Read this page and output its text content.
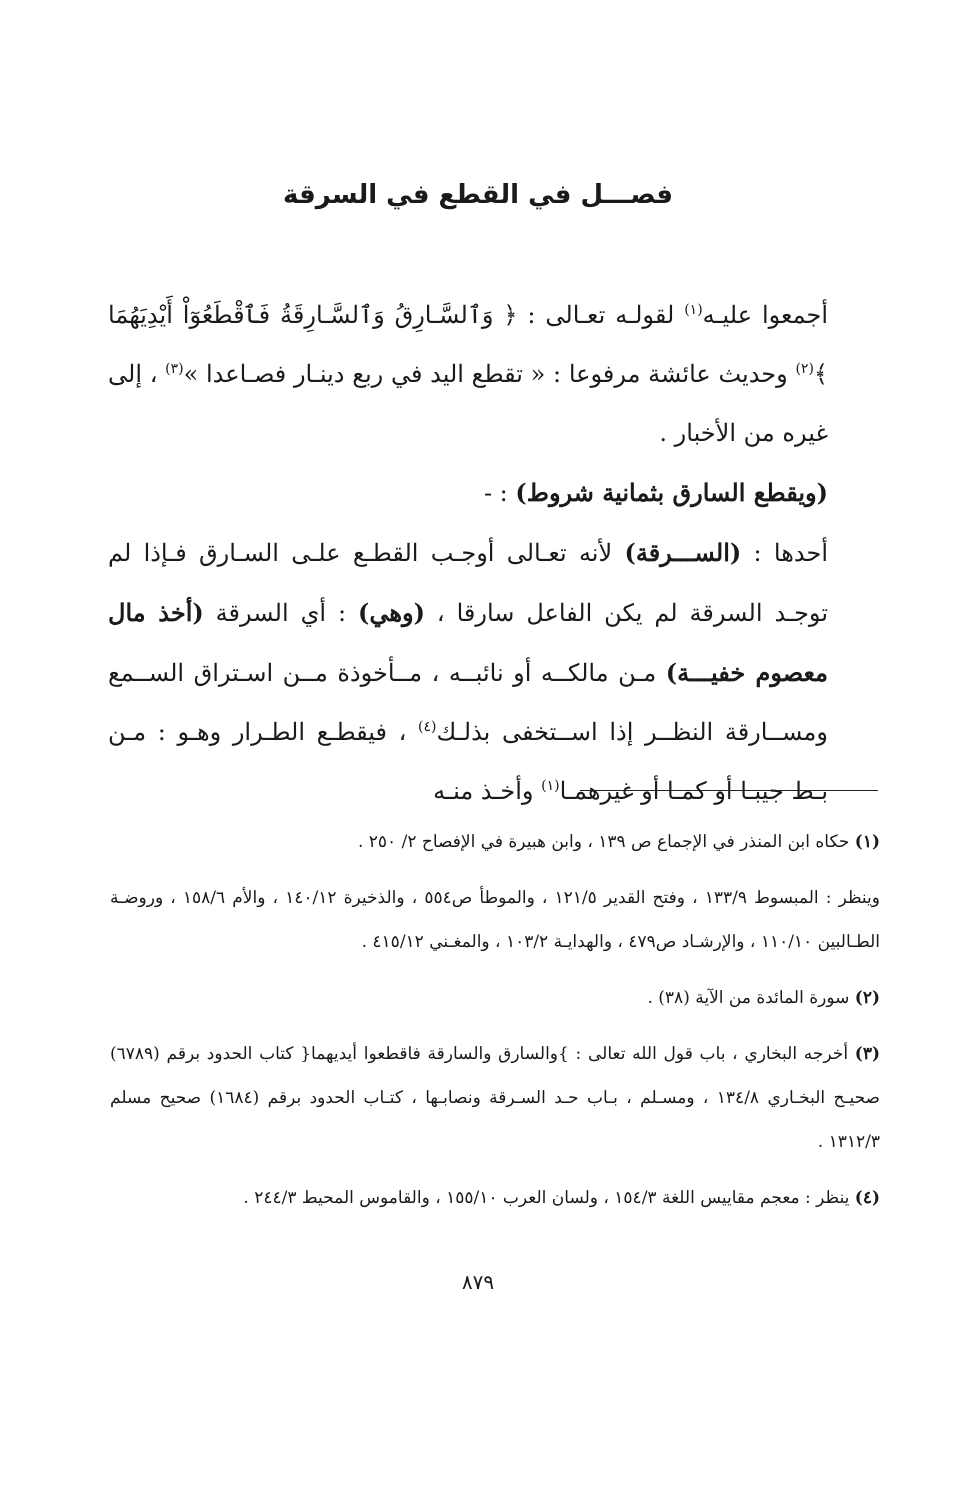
فصـــل في القطع في السرقة

أجمعوا عليـه$^{(١)}$ لقولـه تعـالى : ﴿ وَٱلسَّـارِقُ وَٱلسَّـارِقَةُ فَٱقْطَعُوٓاْ أَيْدِيَهُمَا ﴾$^{(٢)}$ وحديث عائشة مرفوعا : « تقطع اليد في ربع دينـار فصـاعدا »$^{(٣)}$ ، إلى غيره من الأخبار .

(ويقطع السارق بثمانية شروط) : -

أحدها : (الســـرقة) لأنه تعـالى أوجـب القطـع علـى السـارق فـإذا لم توجـد السرقة لم يكن الفاعل سارقا ، (وهي) : أي السرقة (أخذ مال معصوم خفيـــة) مـن مالكــه أو نائبــه ، مــأخوذة مــن اسـتراق الســمع ومســارقة النظــر إذا اســتخفى بذلـك$^{(٤)}$ ، فيقطـع الطـرار وهـو : مـن بـط جيبـا أو كمـا أو غيرهمـا$^{(١)}$ وأخـذ منـه

(١) حكاه ابن المنذر في الإجماع ص ١٣٩ ، وابن هبيرة في الإفصاح ٢/ ٢٥٠ .

وينظر : المبسوط ١٣٣/٩ ، وفتح القدير ١٢١/٥ ، والموطأ ص٥٥٤ ، والذخيرة ١٤٠/١٢ ، والأم ١٥٨/٦ ، وروضـة الطـالبين ١١٠/١٠ ، والإرشـاد ص٤٧٩ ، والهدايـة ١٠٣/٢ ، والمغـني ٤١٥/١٢ .

(٢) سورة المائدة من الآية (٣٨) .

(٣) أخرجه البخاري ، باب قول الله تعالى : }والسارق والسارقة فاقطعوا أيديهما{ كتاب الحدود برقم (٦٧٨٩) صحيـح البخـاري ١٣٤/٨ ، ومسـلم ، بـاب حـد السـرقة ونصابـها ، كتـاب الحدود برقم (١٦٨٤) صحيح مسلم ١٣١٢/٣ .

(٤) ينظر : معجم مقاييس اللغة ١٥٤/٣ ، ولسان العرب ١٥٥/١٠ ، والقاموس المحيط ٢٤٤/٣ .

٨٧٩
